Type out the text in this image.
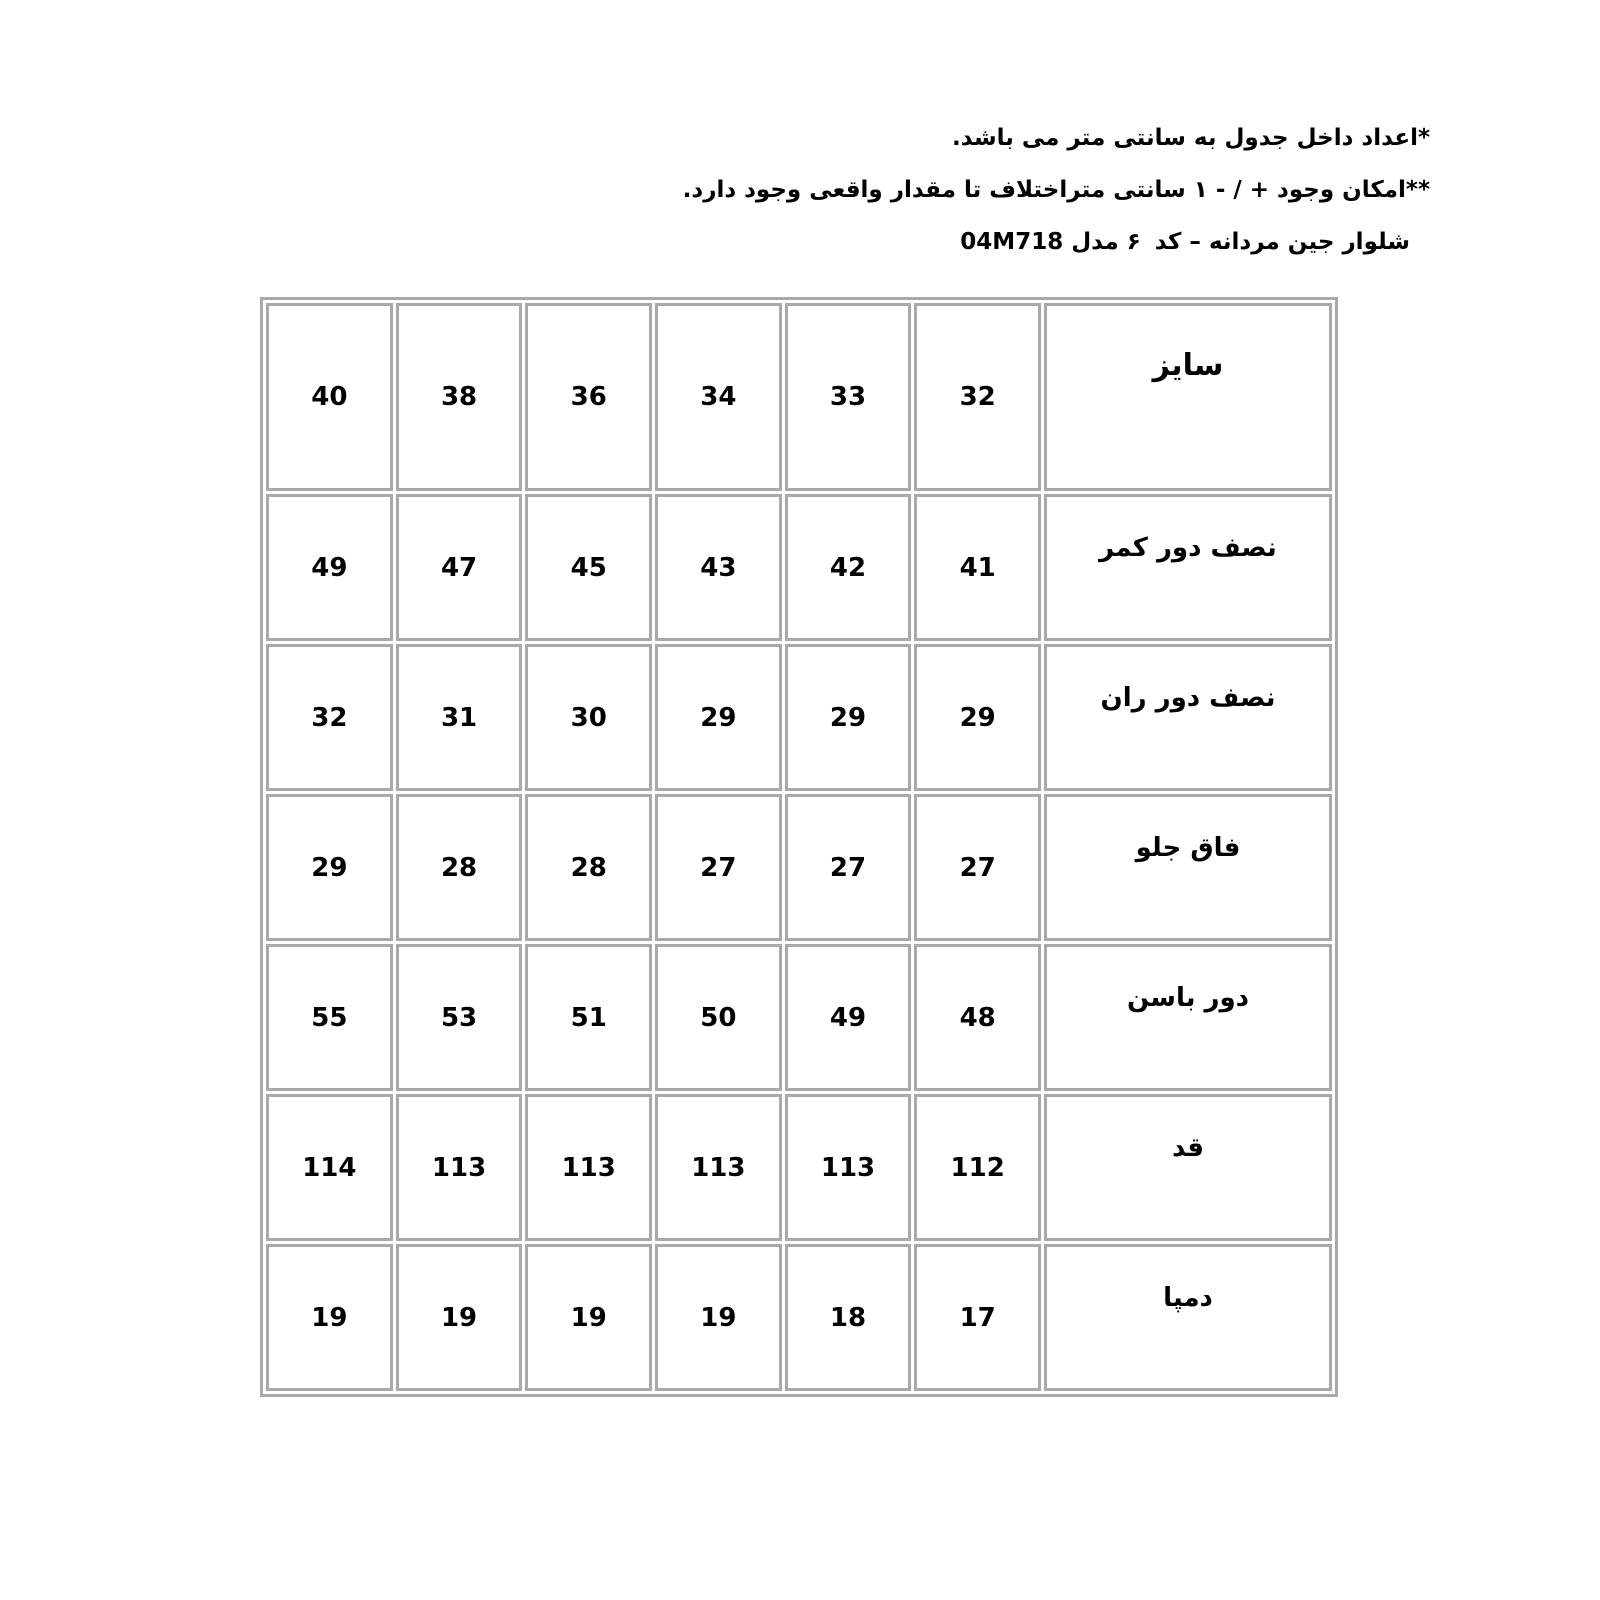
*اعداد داخل جدول به سانتی متر می باشد.
**امکان وجود + / - ۱ سانتی متراختلاف تا مقدار واقعی وجود دارد.
شلوار جین مردانه – کد۶ مدل 04M718
سایز	32	33	34	36	38	40
نصف دور کمر	41	42	43	45	47	49
نصف دور ران	29	29	29	30	31	32
فاق جلو	27	27	27	28	28	29
دور باسن	48	49	50	51	53	55
قد	112	113	113	113	113	114
دمپا	17	18	19	19	19	19
